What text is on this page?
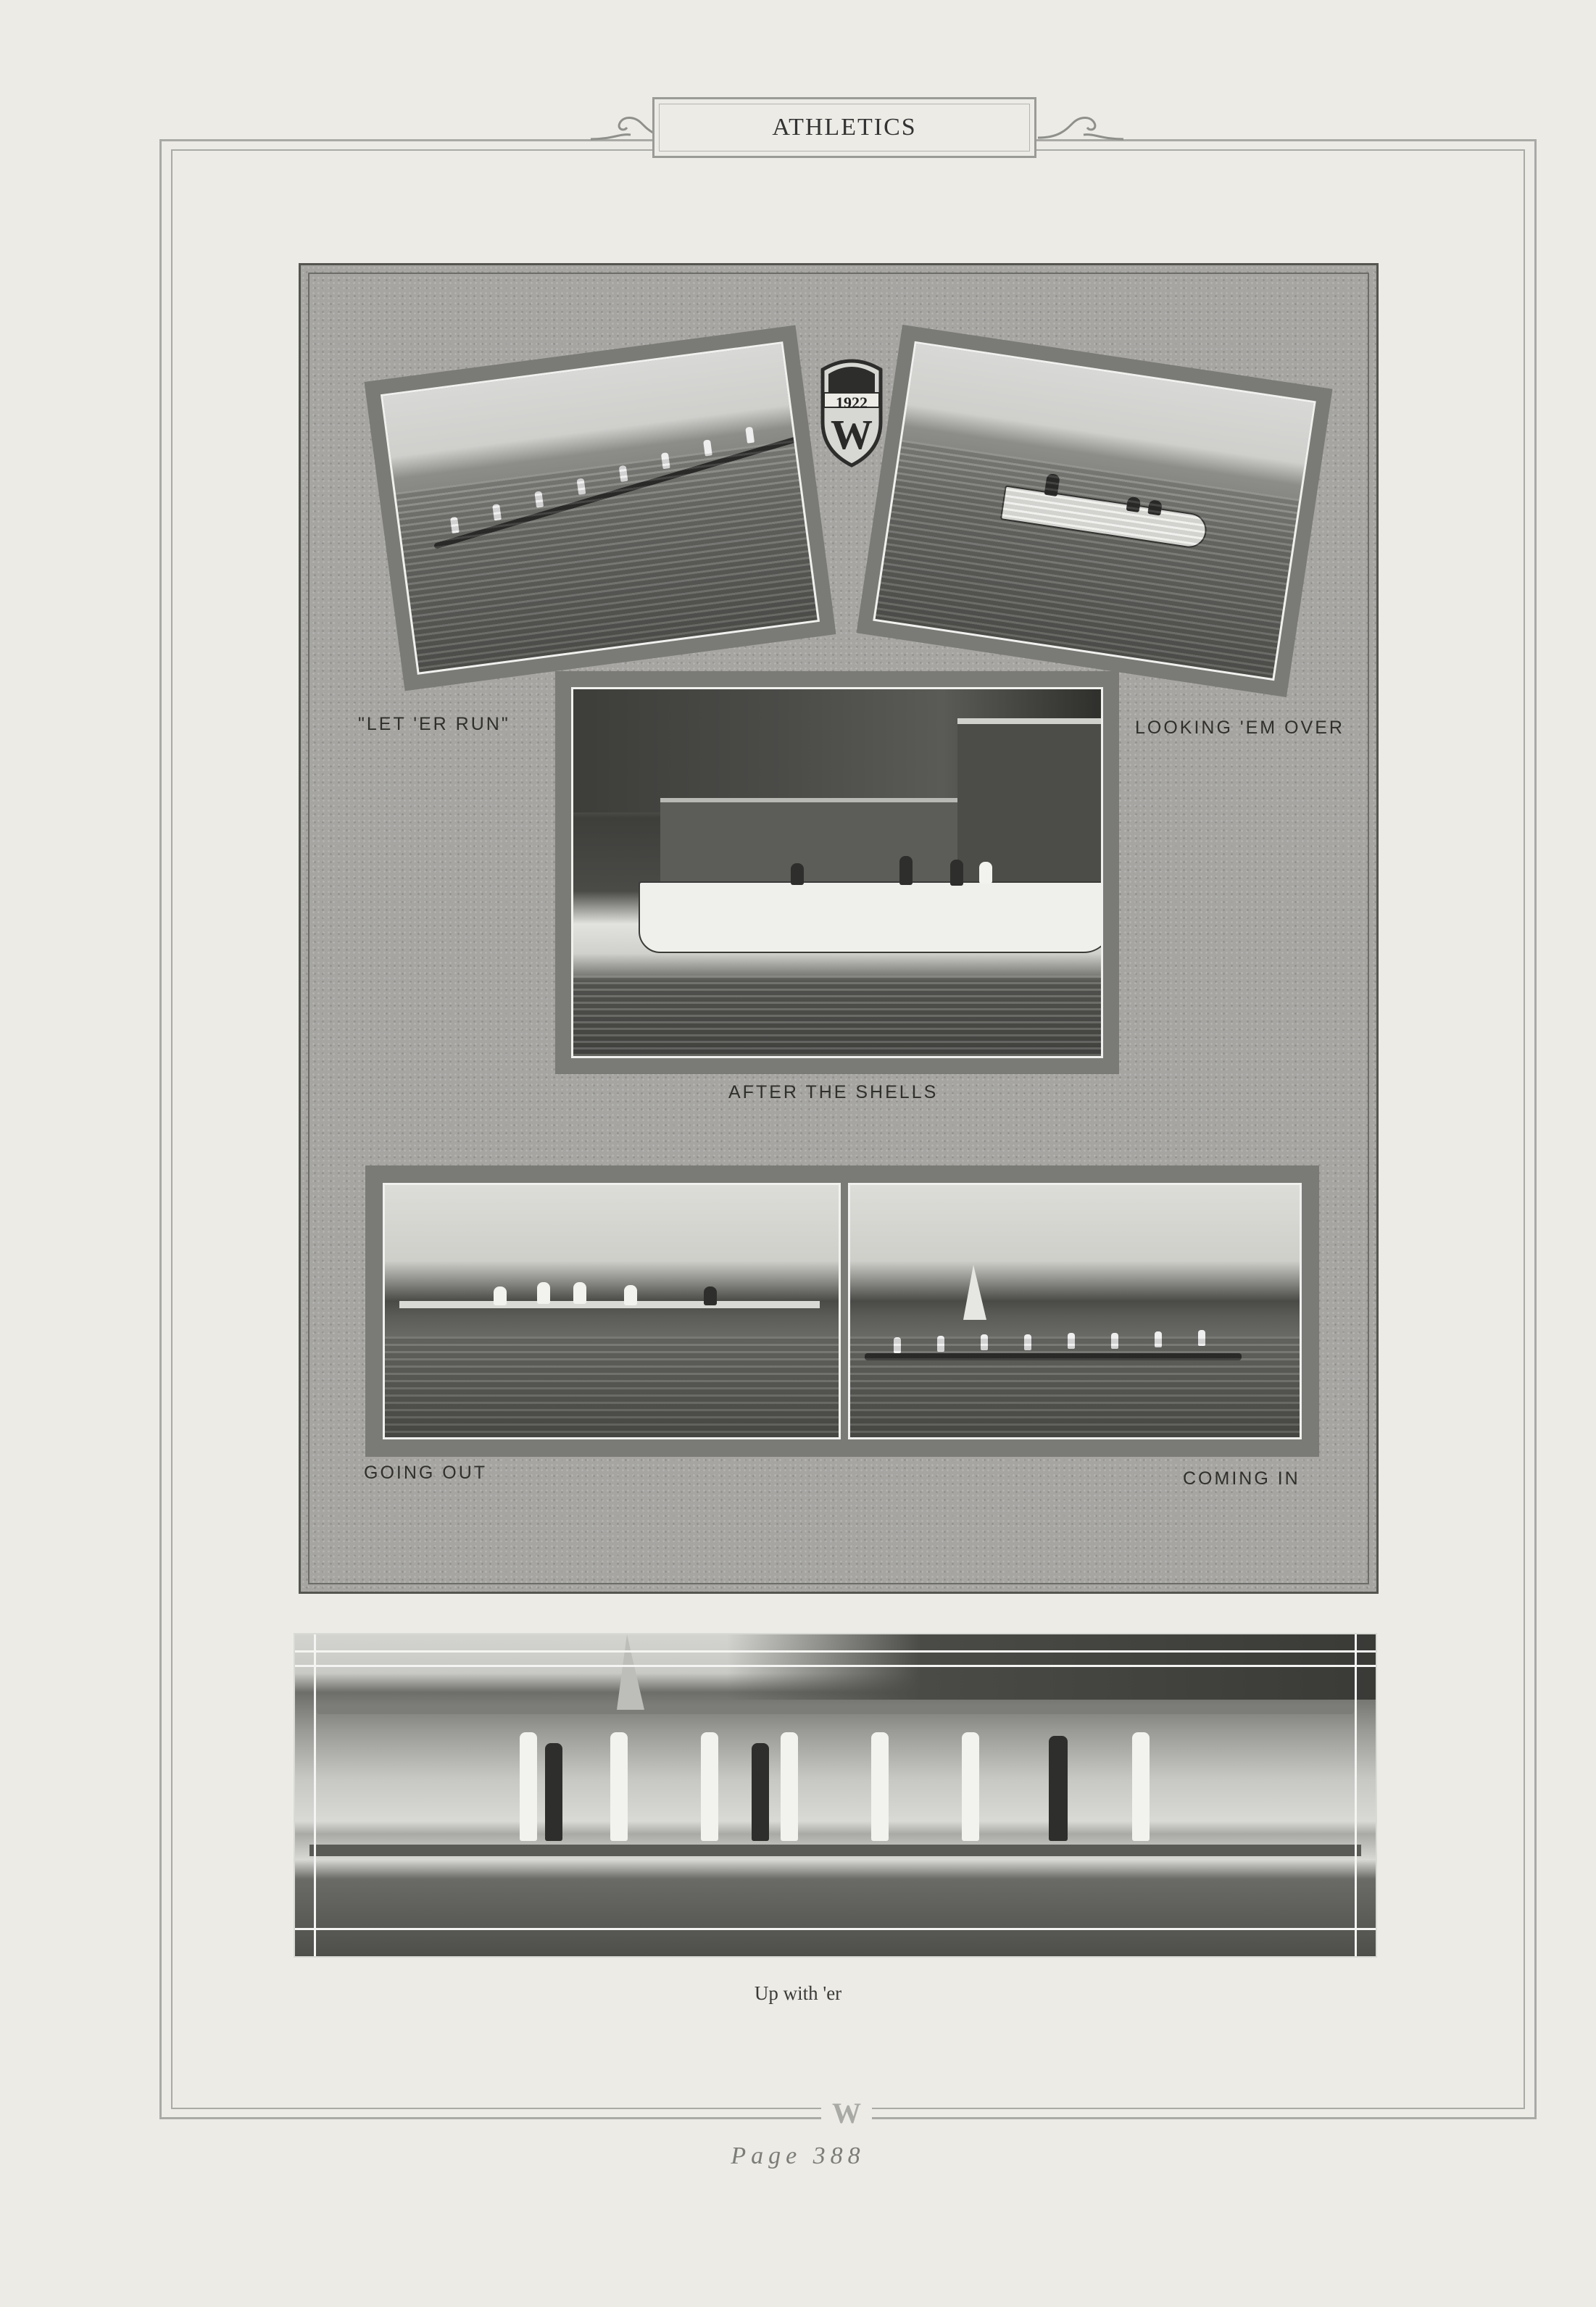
ATHLETICS
1922
W
"LET 'ER RUN"	LOOKING 'EM OVER
AFTER THE SHELLS
GOING OUT	COMING IN
Up with 'er
W
Page 388
